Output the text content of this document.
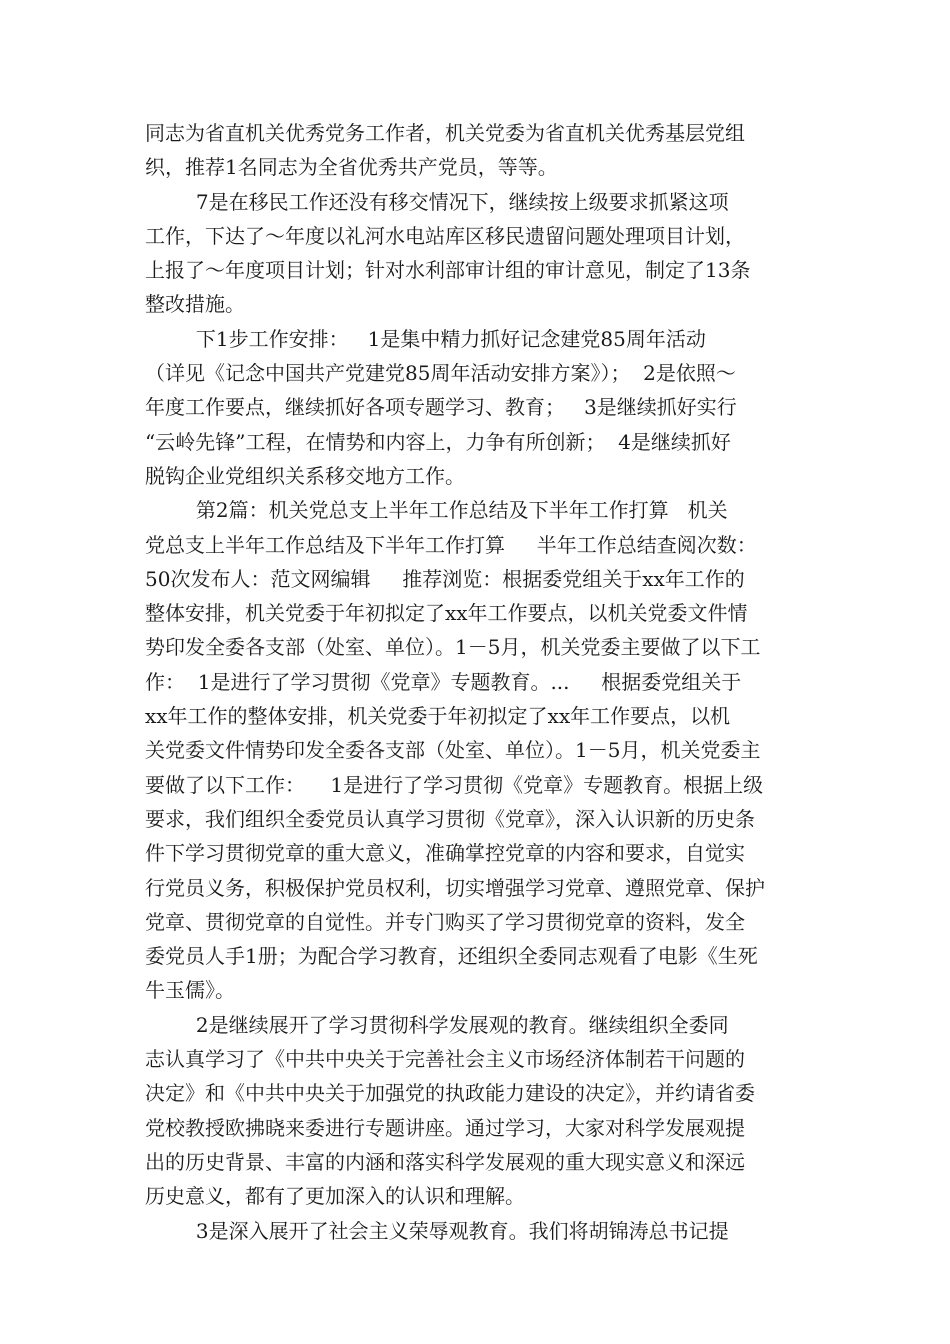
同志为省直机关优秀党务工作者，机关党委为省直机关优秀基层党组
织，推荐1名同志为全省优秀共产党员，等等。
7是在移民工作还没有移交情况下，继续按上级要求抓紧这项
工作，下达了～年度以礼河水电站库区移民遗留问题处理项目计划，
上报了～年度项目计划；针对水利部审计组的审计意见，制定了13条
整改措施。
下1步工作安排：   1是集中精力抓好记念建党85周年活动
（详见《记念中国共产党建党85周年活动安排方案》）；  2是依照～
年度工作要点，继续抓好各项专题学习、教育；   3是继续抓好实行
“云岭先锋”工程，在情势和内容上，力争有所创新；  4是继续抓好
脱钩企业党组织关系移交地方工作。
第2篇：机关党总支上半年工作总结及下半年工作打算   机关
党总支上半年工作总结及下半年工作打算     半年工作总结查阅次数：
50次发布人：范文网编辑     推荐浏览：根据委党组关于xx年工作的
整体安排，机关党委于年初拟定了xx年工作要点，以机关党委文件情
势印发全委各支部（处室、单位）。1－5月，机关党委主要做了以下工
作：  1是进行了学习贯彻《党章》专题教育。...     根据委党组关于
xx年工作的整体安排，机关党委于年初拟定了xx年工作要点，以机
关党委文件情势印发全委各支部（处室、单位）。1－5月，机关党委主
要做了以下工作：    1是进行了学习贯彻《党章》专题教育。根据上级
要求，我们组织全委党员认真学习贯彻《党章》，深入认识新的历史条
件下学习贯彻党章的重大意义，准确掌控党章的内容和要求，自觉实
行党员义务，积极保护党员权利，切实增强学习党章、遵照党章、保护
党章、贯彻党章的自觉性。并专门购买了学习贯彻党章的资料，发全
委党员人手1册；为配合学习教育，还组织全委同志观看了电影《生死
牛玉儒》。
2是继续展开了学习贯彻科学发展观的教育。继续组织全委同
志认真学习了《中共中央关于完善社会主义市场经济体制若干问题的
决定》和《中共中央关于加强党的执政能力建设的决定》，并约请省委
党校教授欧拂晓来委进行专题讲座。通过学习，大家对科学发展观提
出的历史背景、丰富的内涵和落实科学发展观的重大现实意义和深远
历史意义，都有了更加深入的认识和理解。
3是深入展开了社会主义荣辱观教育。我们将胡锦涛总书记提
